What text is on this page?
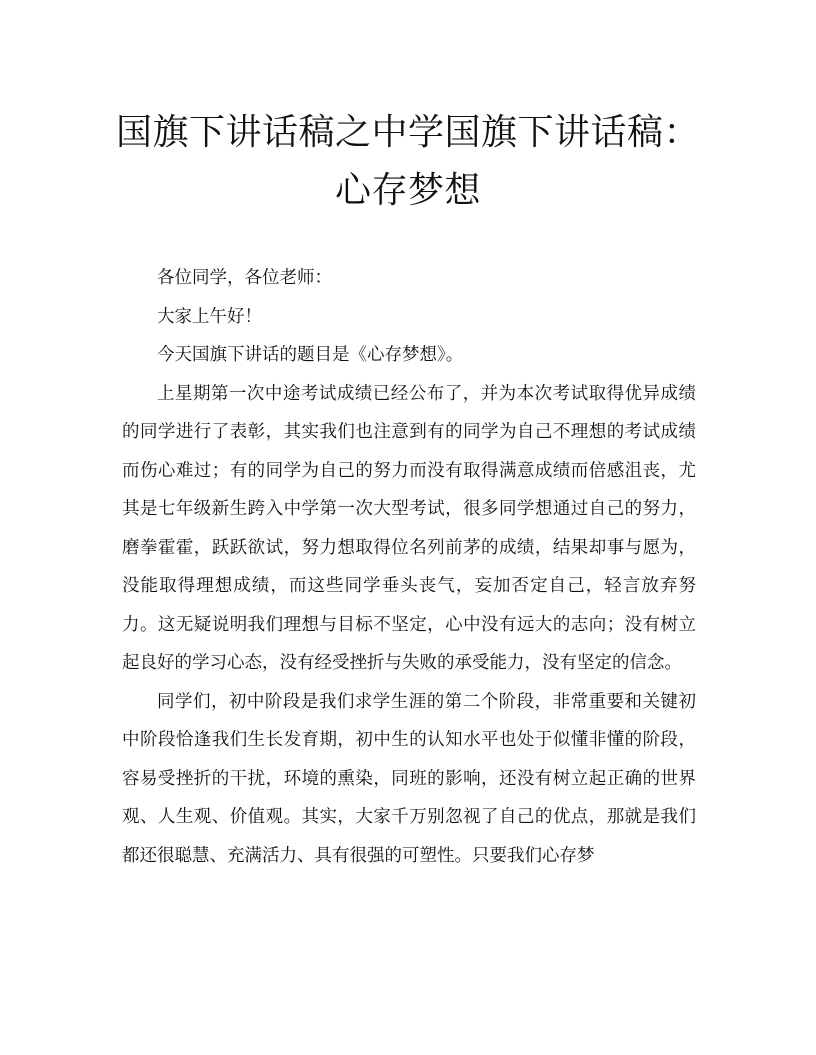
国旗下讲话稿之中学国旗下讲话稿：心存梦想

各位同学，各位老师：

大家上午好！

今天国旗下讲话的题目是《心存梦想》。

上星期第一次中途考试成绩已经公布了，并为本次考试取得优异成绩的同学进行了表彰，其实我们也注意到有的同学为自己不理想的考试成绩而伤心难过；有的同学为自己的努力而没有取得满意成绩而倍感沮丧，尤其是七年级新生跨入中学第一次大型考试，很多同学想通过自己的努力，磨拳霍霍，跃跃欲试，努力想取得位名列前茅的成绩，结果却事与愿为，没能取得理想成绩，而这些同学垂头丧气，妄加否定自己，轻言放弃努力。这无疑说明我们理想与目标不坚定，心中没有远大的志向；没有树立起良好的学习心态，没有经受挫折与失败的承受能力，没有坚定的信念。

同学们，初中阶段是我们求学生涯的第二个阶段，非常重要和关键初中阶段恰逢我们生长发育期，初中生的认知水平也处于似懂非懂的阶段，容易受挫折的干扰，环境的熏染，同班的影响，还没有树立起正确的世界观、人生观、价值观。其实，大家千万别忽视了自己的优点，那就是我们都还很聪慧、充满活力、具有很强的可塑性。只要我们心存梦
